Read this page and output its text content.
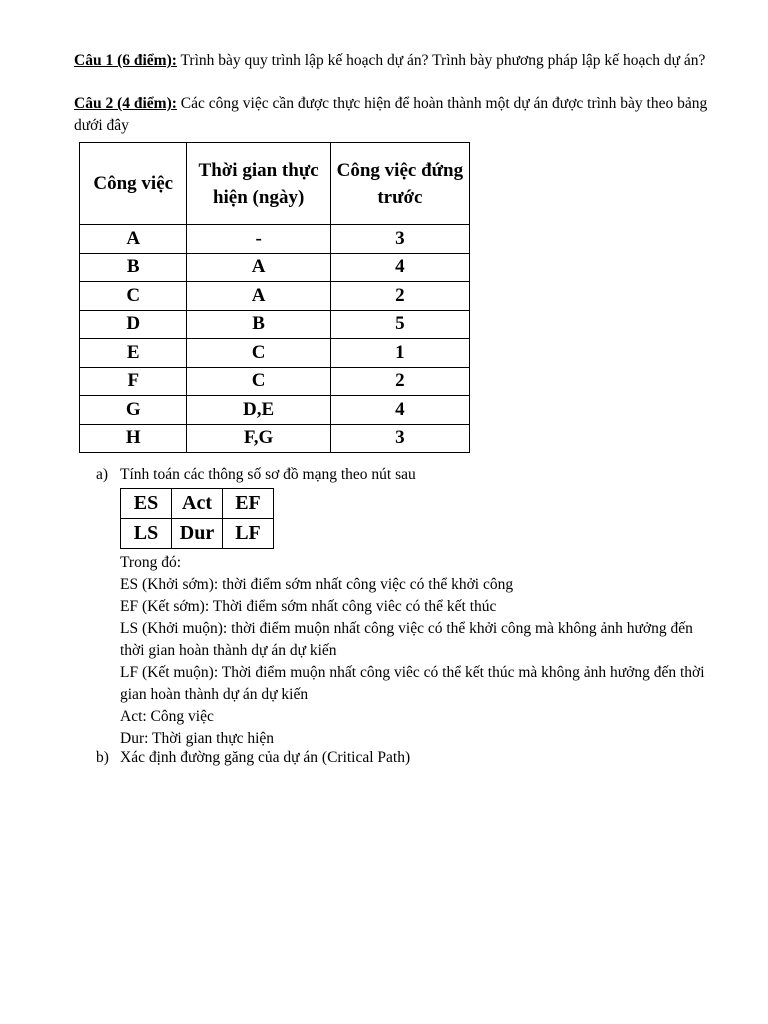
Câu 1 (6 điểm): Trình bày quy trình lập kế hoạch dự án? Trình bày phương pháp lập kế hoạch dự án?
Câu 2 (4 điểm): Các công việc cần được thực hiện để hoàn thành một dự án được trình bày theo bảng dưới đây
Công việc	Thời gian thực hiện (ngày)	Công việc đứng trước
A	-	3
B	A	4
C	A	2
D	B	5
E	C	1
F	C	2
G	D,E	4
H	F,G	3
a) Tính toán các thông số sơ đồ mạng theo nút sau
ES	Act	EF
LS	Dur	LF
Trong đó:
ES (Khởi sớm): thời điểm sớm nhất công việc có thể khởi công
EF (Kết sớm): Thời điểm sớm nhất công viêc có thể kết thúc
LS (Khởi muộn): thời điểm muộn nhất công việc có thể khởi công mà không ảnh hưởng đến thời gian hoàn thành dự án dự kiến
LF (Kết muộn): Thời điểm muộn nhất công viêc có thể kết thúc mà không ảnh hưởng đến thời gian hoàn thành dự án dự kiến
Act: Công việc
Dur: Thời gian thực hiện
b) Xác định đường găng của dự án (Critical Path)
